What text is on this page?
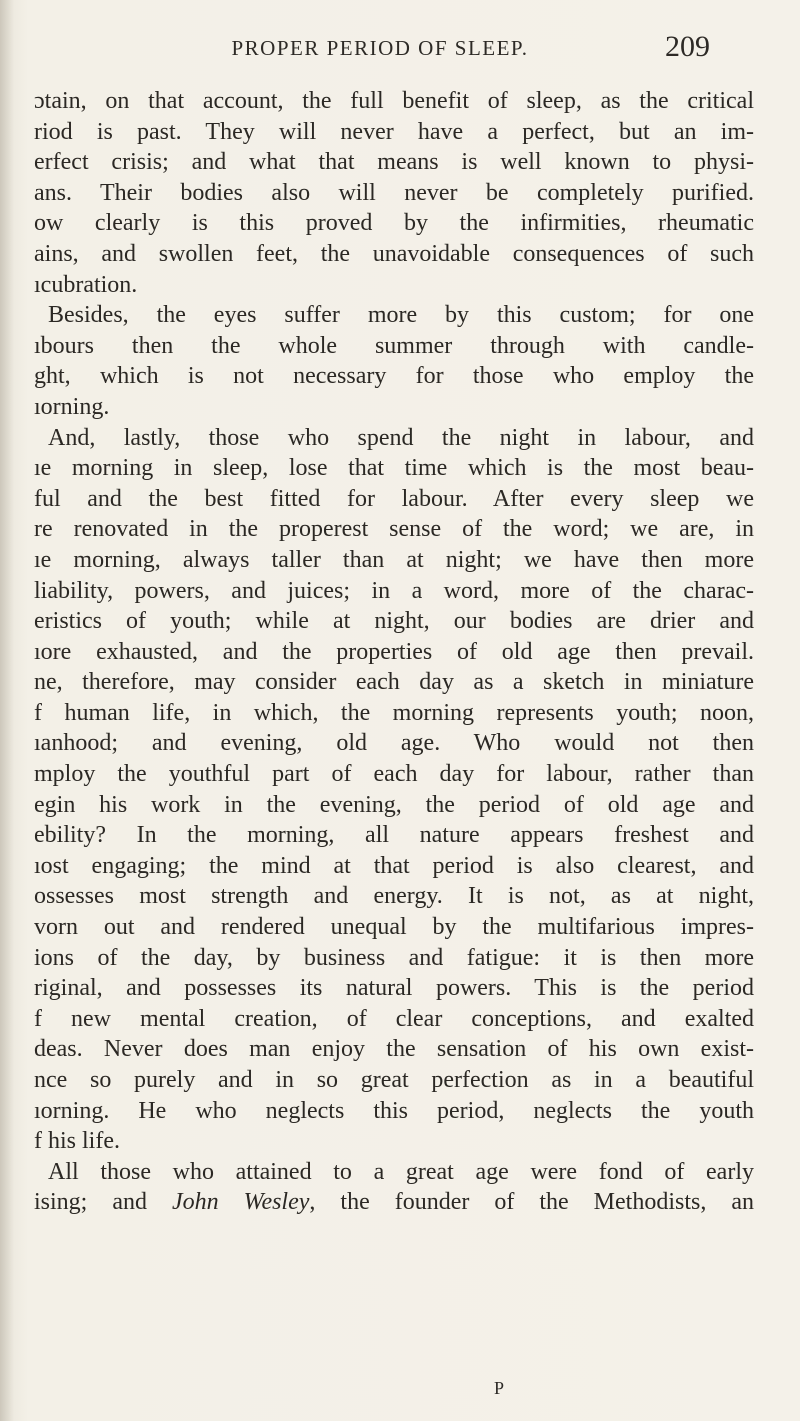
PROPER PERIOD OF SLEEP.	209
ɔtain, on that account, the full benefit of sleep, as the critical
riod is past. They will never have a perfect, but an im-
erfect crisis; and what that means is well known to physi-
ans. Their bodies also will never be completely purified.
ow clearly is this proved by the infirmities, rheumatic
ains, and swollen feet, the unavoidable consequences of such
ıcubration.
Besides, the eyes suffer more by this custom; for one
ıbours then the whole summer through with candle-
ght, which is not necessary for those who employ the
ıorning.
And, lastly, those who spend the night in labour, and
ıe morning in sleep, lose that time which is the most beau-
ful and the best fitted for labour. After every sleep we
re renovated in the properest sense of the word; we are, in
ıe morning, always taller than at night; we have then more
liability, powers, and juices; in a word, more of the charac-
eristics of youth; while at night, our bodies are drier and
ıore exhausted, and the properties of old age then prevail.
ne, therefore, may consider each day as a sketch in miniature
f human life, in which, the morning represents youth; noon,
ıanhood; and evening, old age. Who would not then
mploy the youthful part of each day for labour, rather than
egin his work in the evening, the period of old age and
ebility? In the morning, all nature appears freshest and
ıost engaging; the mind at that period is also clearest, and
ossesses most strength and energy. It is not, as at night,
vorn out and rendered unequal by the multifarious impres-
ions of the day, by business and fatigue: it is then more
riginal, and possesses its natural powers. This is the period
f new mental creation, of clear conceptions, and exalted
deas. Never does man enjoy the sensation of his own exist-
nce so purely and in so great perfection as in a beautiful
ıorning. He who neglects this period, neglects the youth
f his life.
All those who attained to a great age were fond of early
ising; and John Wesley, the founder of the Methodists, an
P
